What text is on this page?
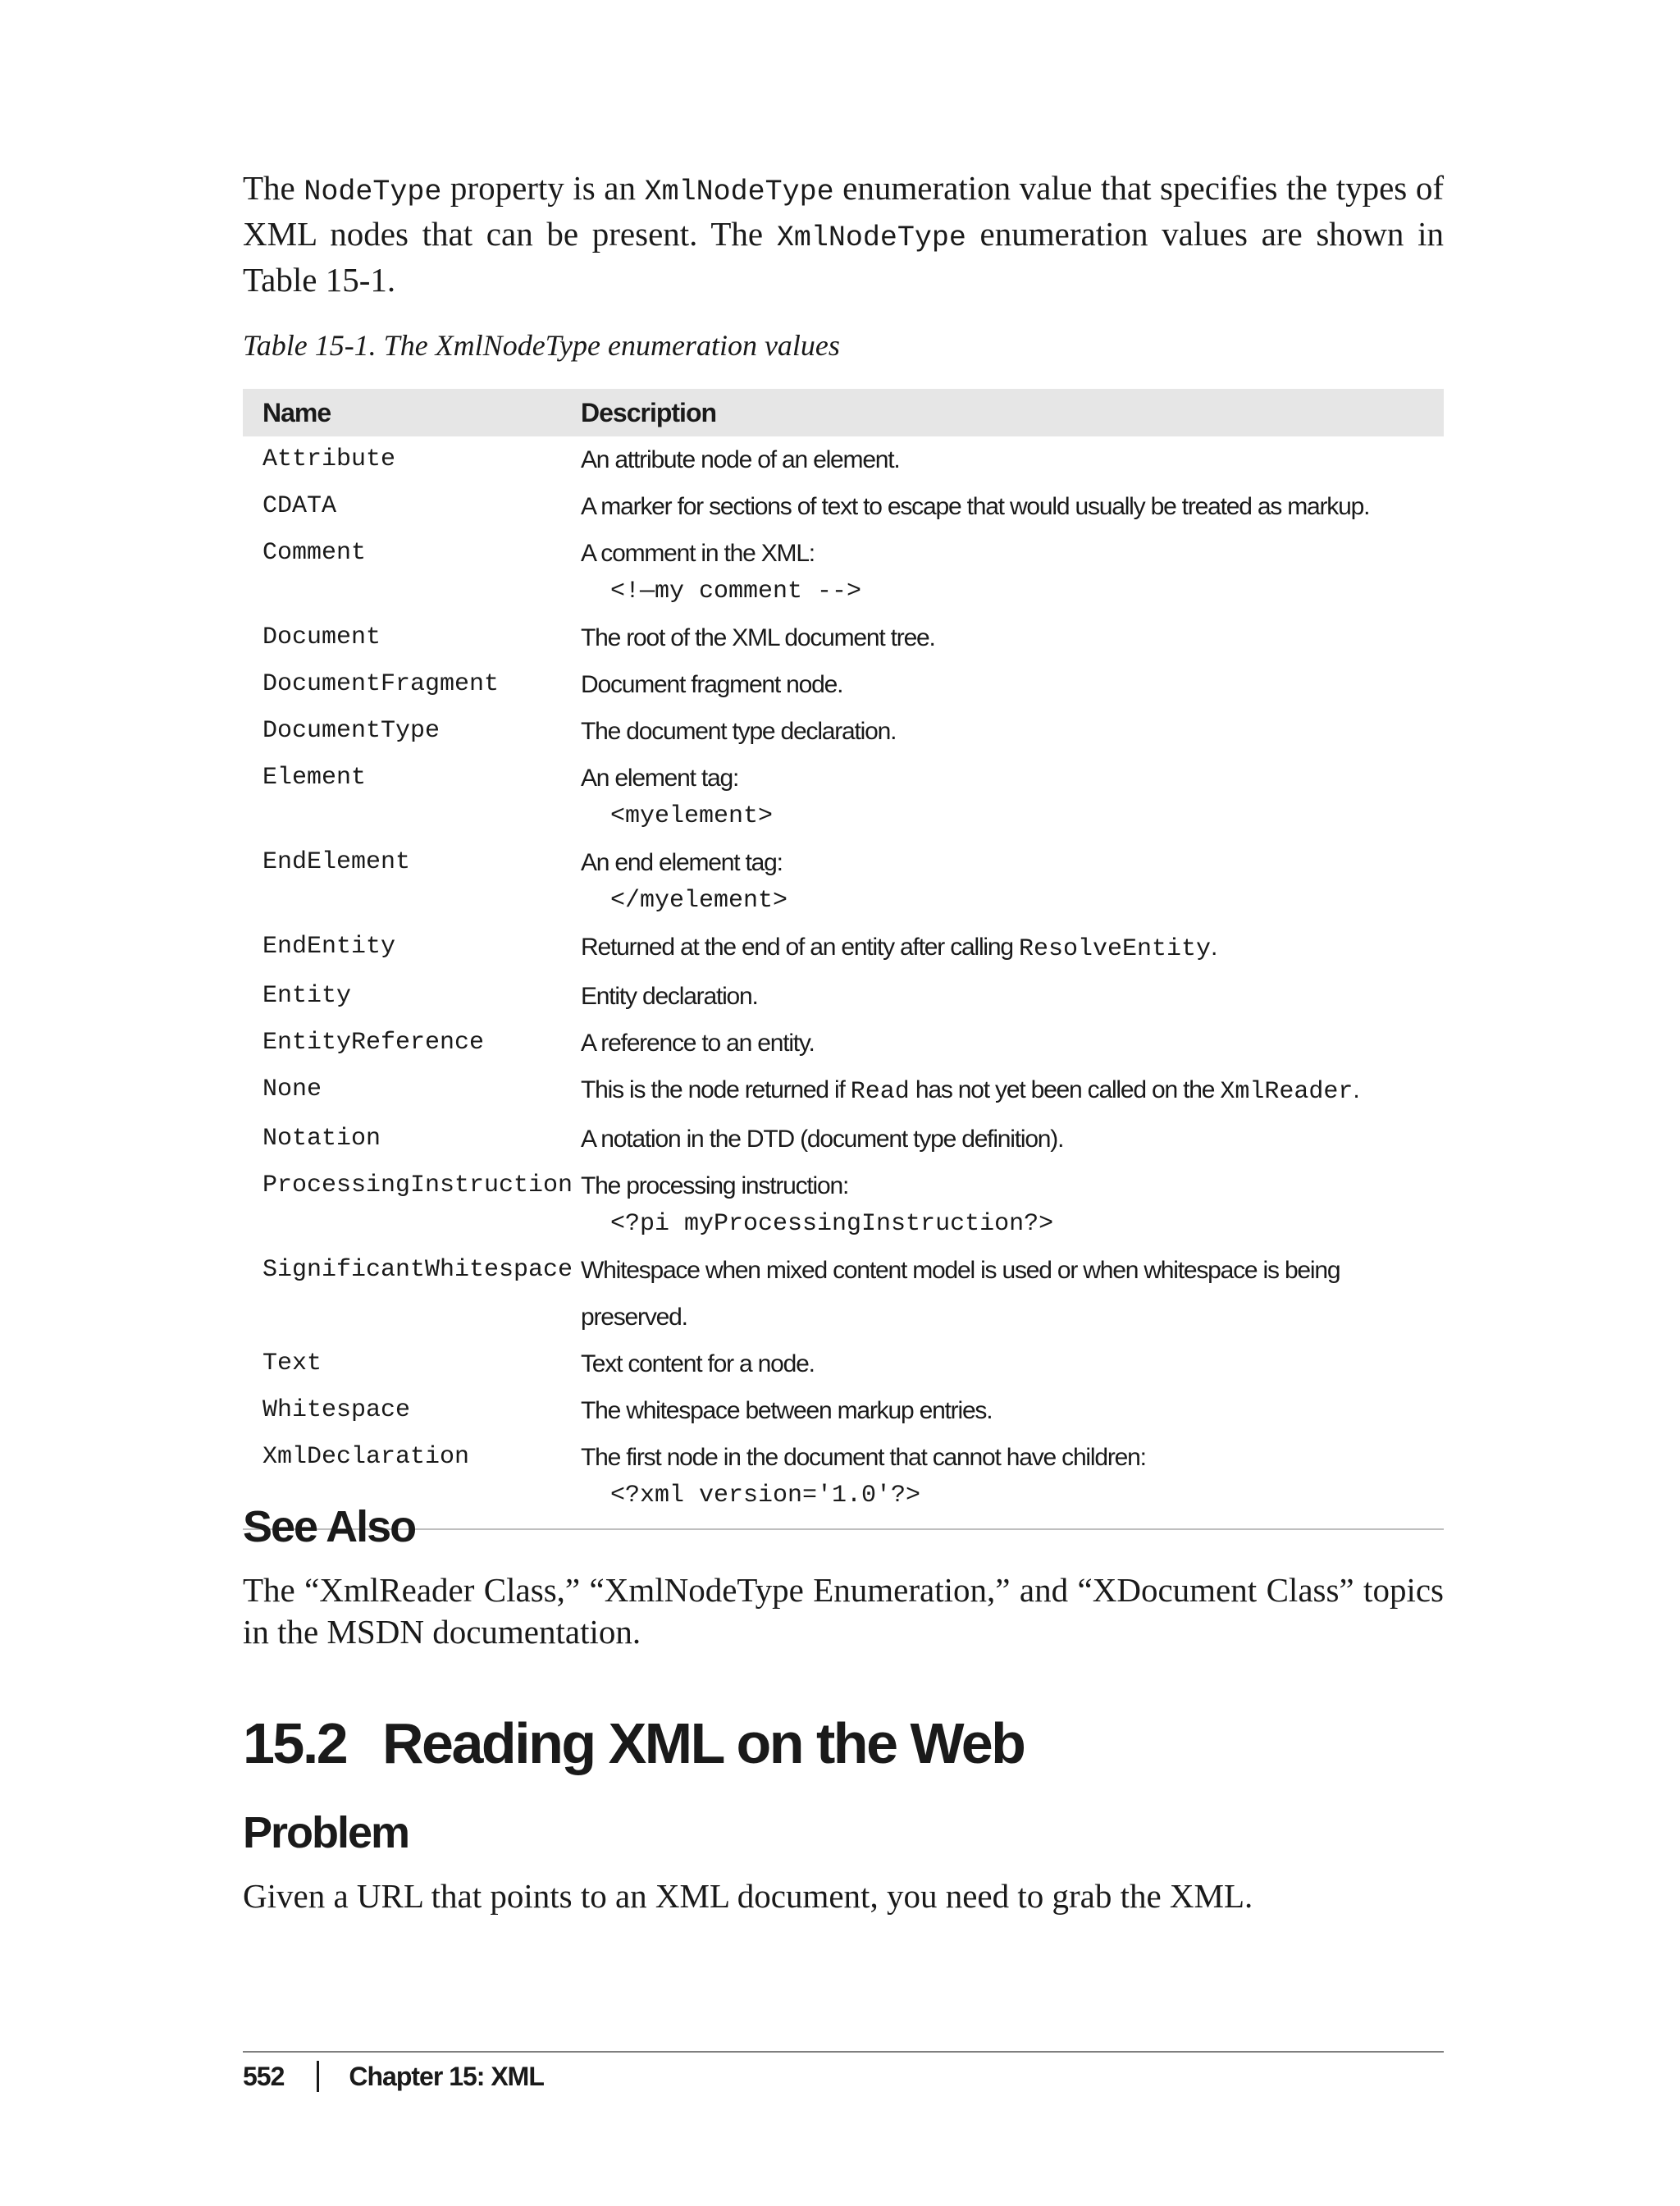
The NodeType property is an XmlNodeType enumeration value that specifies the types of XML nodes that can be present. The XmlNodeType enumeration values are shown in Table 15-1.

Table 15-1. The XmlNodeType enumeration values

Name	Description
Attribute	An attribute node of an element.
CDATA	A marker for sections of text to escape that would usually be treated as markup.
Comment	A comment in the XML:
<!—my comment -->
Document	The root of the XML document tree.
DocumentFragment	Document fragment node.
DocumentType	The document type declaration.
Element	An element tag:
<myelement>
EndElement	An end element tag:
</myelement>
EndEntity	Returned at the end of an entity after calling ResolveEntity.
Entity	Entity declaration.
EntityReference	A reference to an entity.
None	This is the node returned if Read has not yet been called on the XmlReader.
Notation	A notation in the DTD (document type definition).
ProcessingInstruction The processing instruction:
<?pi myProcessingInstruction?>
SignificantWhitespace Whitespace when mixed content model is used or when whitespace is being preserved.
Text	Text content for a node.
Whitespace	The whitespace between markup entries.
XmlDeclaration	The first node in the document that cannot have children:
<?xml version='1.0'?>
See Also

The “XmlReader Class,” “XmlNodeType Enumeration,” and “XDocument Class” topics in the MSDN documentation.

15.2 Reading XML on the Web
Problem

Given a URL that points to an XML document, you need to grab the XML.

552 Chapter 15: XML
